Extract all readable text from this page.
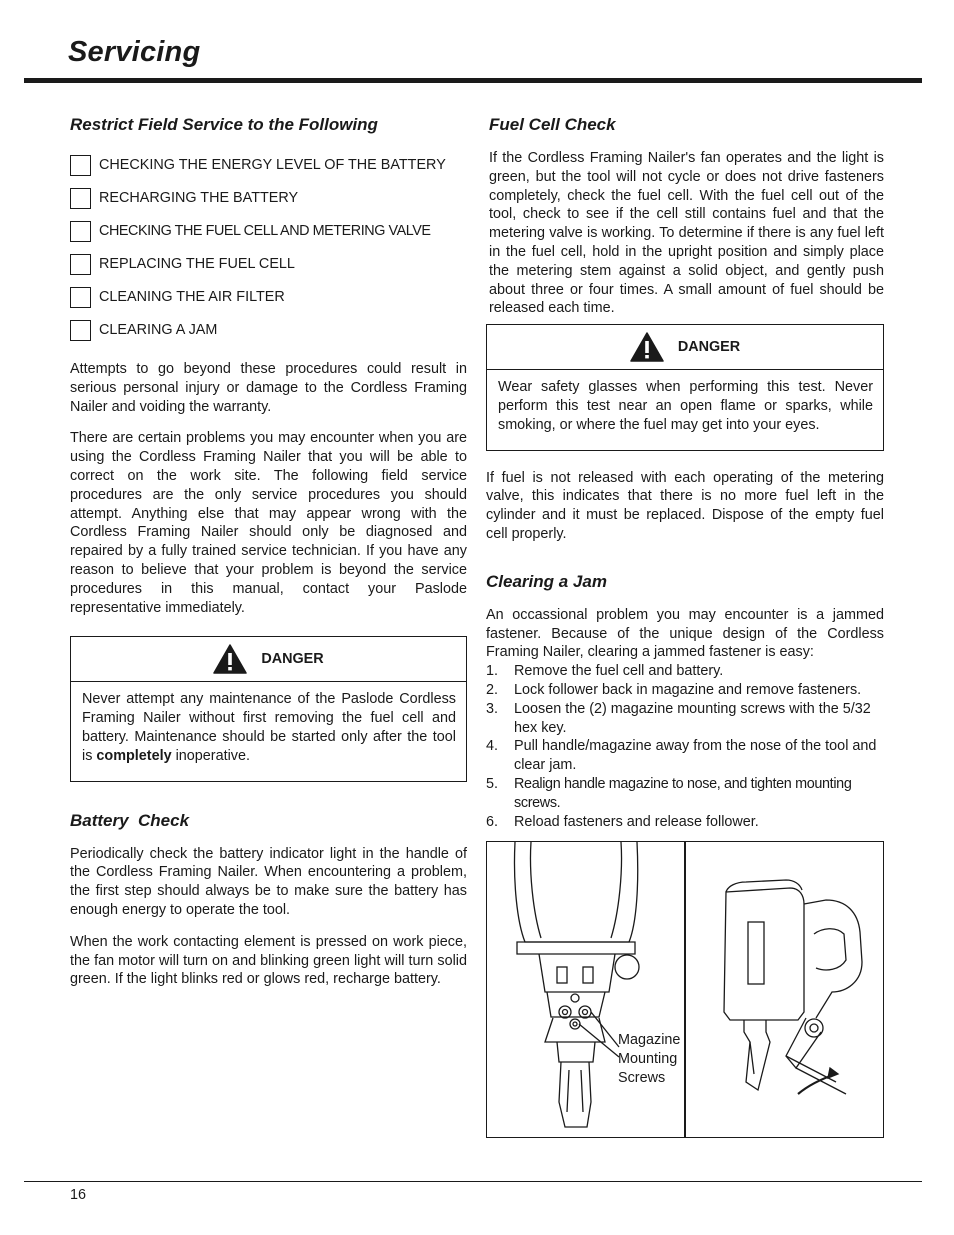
Servicing
Restrict Field Service to the Following
CHECKING THE ENERGY LEVEL OF THE BATTERY
RECHARGING THE BATTERY
CHECKING THE FUEL CELL AND METERING VALVE
REPLACING THE FUEL CELL
CLEANING THE AIR FILTER
CLEARING A JAM

Attempts to go beyond these procedures could result in serious personal injury or damage to the Cordless Framing Nailer and voiding the warranty.

There are certain problems you may encounter when you are using the Cordless Framing Nailer that you will be able to correct on the work site. The following field service procedures are the only service procedures you should attempt. Anything else that may appear wrong with the Cordless Framing Nailer should only be diagnosed and repaired by a fully trained service technician. If you have any reason to believe that your problem is beyond the service procedures in this manual, contact your Paslode representative immediately.

DANGER
Never attempt any maintenance of the Paslode Cordless Framing Nailer without first removing the fuel cell and battery. Maintenance should be started only after the tool is completely inoperative.
Battery  Check

Periodically check the battery indicator light in the handle of the Cordless Framing Nailer. When encountering a problem, the first step should always be to make sure the battery has enough energy to operate the tool.

When the work contacting element is pressed on work piece, the fan motor will turn on and blinking green light will turn solid green. If the light blinks red or glows red, recharge battery.

Fuel Cell Check

If the Cordless Framing Nailer's fan operates and the light is green, but the tool will not cycle or does not drive fasteners completely, check the fuel cell. With the fuel cell out of the tool, check to see if the cell still contains fuel and that the metering valve is working. To determine if there is any fuel left in the fuel cell, hold in the upright position and simply place the metering stem against a solid object, and gently push about three or four times. A small amount of fuel should be released each time.

DANGER
Wear safety glasses when performing this test. Never perform this test near an open flame or sparks, while smoking, or where the fuel may get into your eyes.

If fuel is not released with each operating of the metering valve, this indicates that there is no more fuel left in the cylinder and it must be replaced. Dispose of the empty fuel cell properly.

Clearing a Jam

An occassional problem you may encounter is a jammed fastener. Because of the unique design of the Cordless Framing Nailer, clearing a jammed fastener is easy:

1.	Remove the fuel cell and battery.
2.	Lock follower back in magazine and remove fasteners.
3.	Loosen the (2) magazine mounting screws with the 5/32 hex key.
4.	Pull handle/magazine away from the nose of the tool and clear jam.
5.	Realign handle magazine to nose, and tighten mounting screws.
6.	Reload fasteners and release follower.
Magazine Mounting Screws
16
